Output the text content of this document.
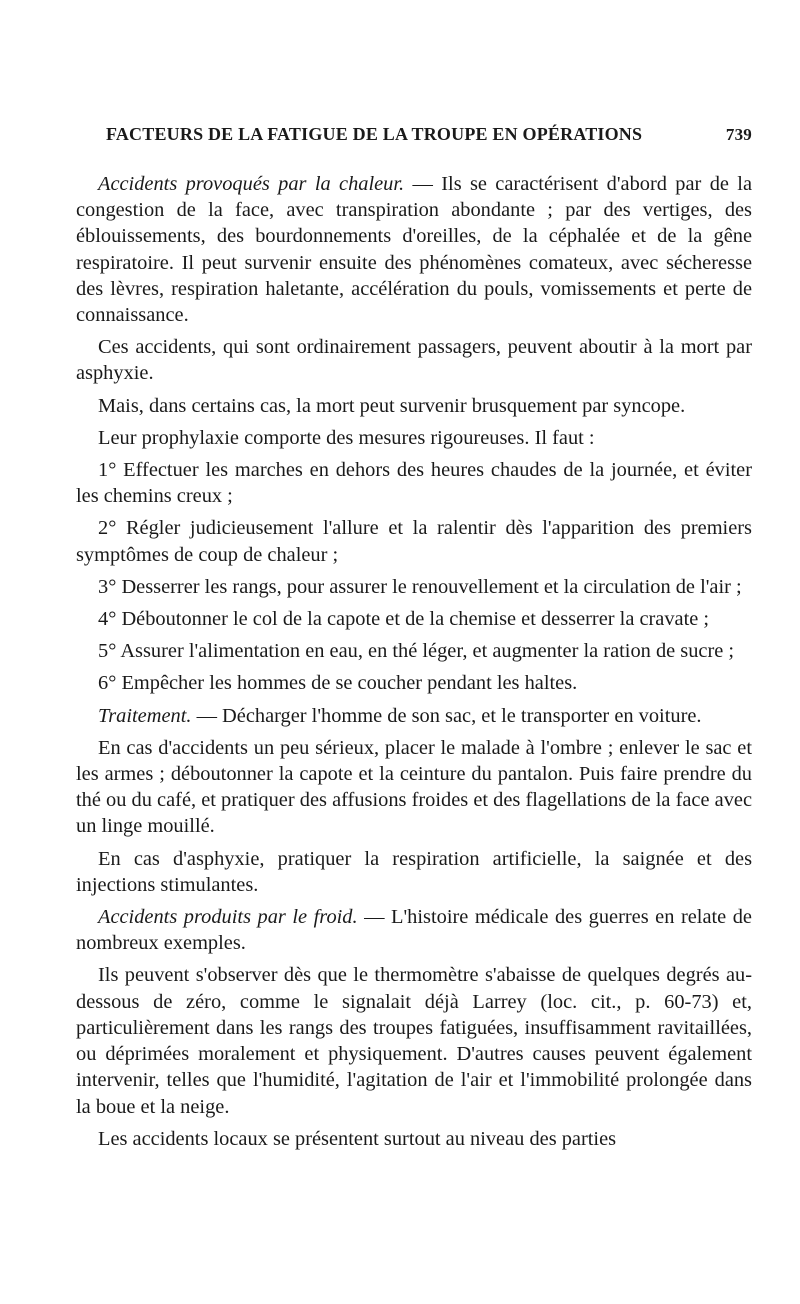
FACTEURS DE LA FATIGUE DE LA TROUPE EN OPÉRATIONS	739

Accidents provoqués par la chaleur. — Ils se caractérisent d'abord par de la congestion de la face, avec transpiration abondante ; par des vertiges, des éblouissements, des bourdonnements d'oreilles, de la céphalée et de la gêne respiratoire. Il peut survenir ensuite des phénomènes comateux, avec sécheresse des lèvres, respiration haletante, accélération du pouls, vomissements et perte de connaissance.

Ces accidents, qui sont ordinairement passagers, peuvent aboutir à la mort par asphyxie.

Mais, dans certains cas, la mort peut survenir brusquement par syncope.

Leur prophylaxie comporte des mesures rigoureuses. Il faut :

1° Effectuer les marches en dehors des heures chaudes de la journée, et éviter les chemins creux ;

2° Régler judicieusement l'allure et la ralentir dès l'apparition des premiers symptômes de coup de chaleur ;

3° Desserrer les rangs, pour assurer le renouvellement et la circulation de l'air ;

4° Déboutonner le col de la capote et de la chemise et desserrer la cravate ;

5° Assurer l'alimentation en eau, en thé léger, et augmenter la ration de sucre ;

6° Empêcher les hommes de se coucher pendant les haltes.

Traitement. — Décharger l'homme de son sac, et le transporter en voiture.

En cas d'accidents un peu sérieux, placer le malade à l'ombre ; enlever le sac et les armes ; déboutonner la capote et la ceinture du pantalon. Puis faire prendre du thé ou du café, et pratiquer des affusions froides et des flagellations de la face avec un linge mouillé.

En cas d'asphyxie, pratiquer la respiration artificielle, la saignée et des injections stimulantes.

Accidents produits par le froid. — L'histoire médicale des guerres en relate de nombreux exemples.

Ils peuvent s'observer dès que le thermomètre s'abaisse de quelques degrés au-dessous de zéro, comme le signalait déjà Larrey (loc. cit., p. 60-73) et, particulièrement dans les rangs des troupes fatiguées, insuffisamment ravitaillées, ou déprimées moralement et physiquement. D'autres causes peuvent également intervenir, telles que l'humidité, l'agitation de l'air et l'immobilité prolongée dans la boue et la neige.

Les accidents locaux se présentent surtout au niveau des parties
